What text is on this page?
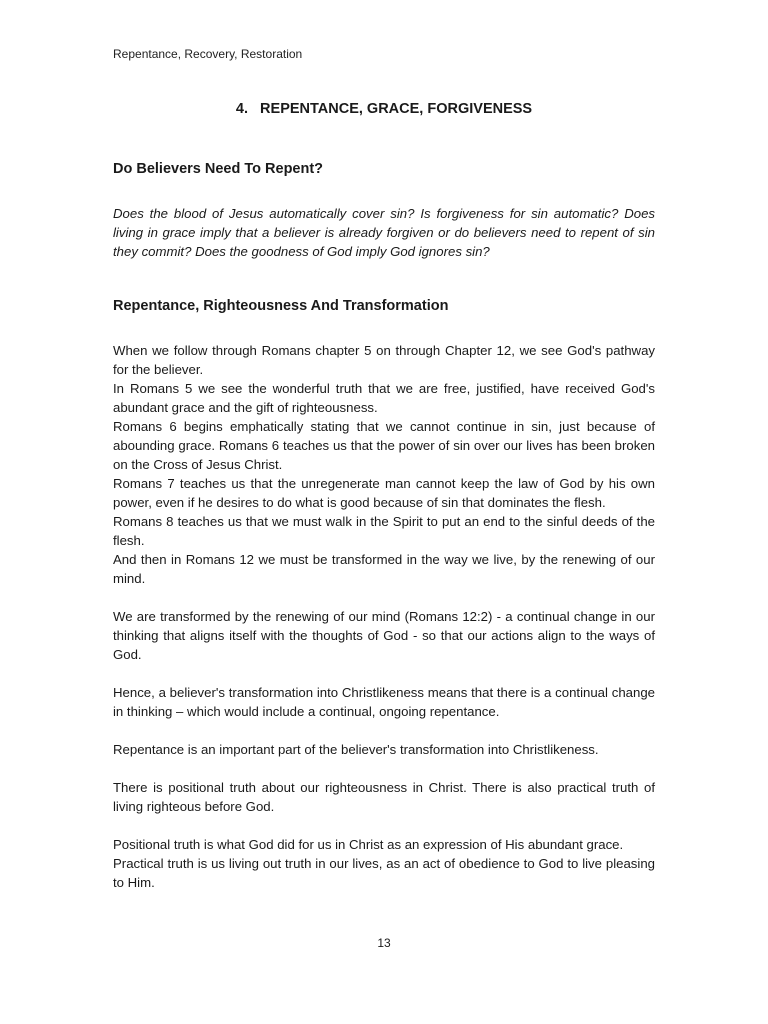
Repentance, Recovery, Restoration
4.   REPENTANCE, GRACE, FORGIVENESS
Do Believers Need To Repent?
Does the blood of Jesus automatically cover sin? Is forgiveness for sin automatic? Does living in grace imply that a believer is already forgiven or do believers need to repent of sin they commit? Does the goodness of God imply God ignores sin?
Repentance, Righteousness And Transformation

When we follow through Romans chapter 5 on through Chapter 12, we see God's pathway for the believer.

In Romans 5 we see the wonderful truth that we are free, justified, have received God's abundant grace and the gift of righteousness.

Romans 6 begins emphatically stating that we cannot continue in sin, just because of abounding grace. Romans 6 teaches us that the power of sin over our lives has been broken on the Cross of Jesus Christ.

Romans 7 teaches us that the unregenerate man cannot keep the law of God by his own power, even if he desires to do what is good because of sin that dominates the flesh.

Romans 8 teaches us that we must walk in the Spirit to put an end to the sinful deeds of the flesh.

And then in Romans 12 we must be transformed in the way we live, by the renewing of our mind.

We are transformed by the renewing of our mind (Romans 12:2) - a continual change in our thinking that aligns itself with the thoughts of God - so that our actions align to the ways of God.

Hence, a believer's transformation into Christlikeness means that there is a continual change in thinking – which would include a continual, ongoing repentance.

Repentance is an important part of the believer's transformation into Christlikeness.

There is positional truth about our righteousness in Christ. There is also practical truth of living righteous before God.

Positional truth is what God did for us in Christ as an expression of His abundant grace.

Practical truth is us living out truth in our lives, as an act of obedience to God to live pleasing to Him.

13
